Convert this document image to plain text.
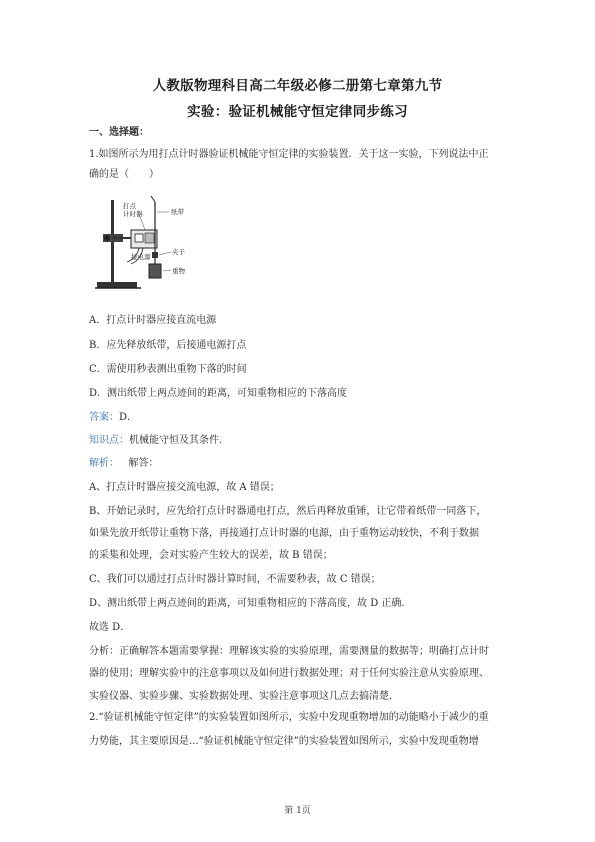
人教版物理科目高二年级必修二册第七章第九节
实验：验证机械能守恒定律同步练习
一、选择题：
1.如图所示为用打点计时器验证机械能守恒定律的实验装置．关于这一实验，下列说法中正
确的是（　　）
打点计时器	纸带
夹子
接电源
重物
A．打点计时器应接直流电源
B．应先释放纸带，后接通电源打点
C．需使用秒表测出重物下落的时间
D．测出纸带上两点迹间的距离，可知重物相应的下落高度
答案：D．
知识点：机械能守恒及其条件.
解析： 解答：
A、打点计时器应接交流电源，故 A 错误；
B、开始记录时，应先给打点计时器通电打点，然后再释放重锤，让它带着纸带一同落下，
如果先放开纸带让重物下落，再接通打点计时器的电源，由于重物运动较快，不利于数据
的采集和处理，会对实验产生较大的误差，故 B 错误；
C、我们可以通过打点计时器计算时间，不需要秒表，故 C 错误；
D、测出纸带上两点迹间的距离，可知重物相应的下落高度，故 D 正确．
故选 D．
分析：正确解答本题需要掌握：理解该实验的实验原理，需要测量的数据等；明确打点计时
器的使用；理解实验中的注意事项以及如何进行数据处理；对于任何实验注意从实验原理、
实验仪器、实验步骤、实验数据处理、实验注意事项这几点去搞清楚．
2.“验证机械能守恒定律”的实验装置如图所示，实验中发现重物增加的动能略小于减少的重
力势能，其主要原因是...“验证机械能守恒定律”的实验装置如图所示，实验中发现重物增
第 1页
